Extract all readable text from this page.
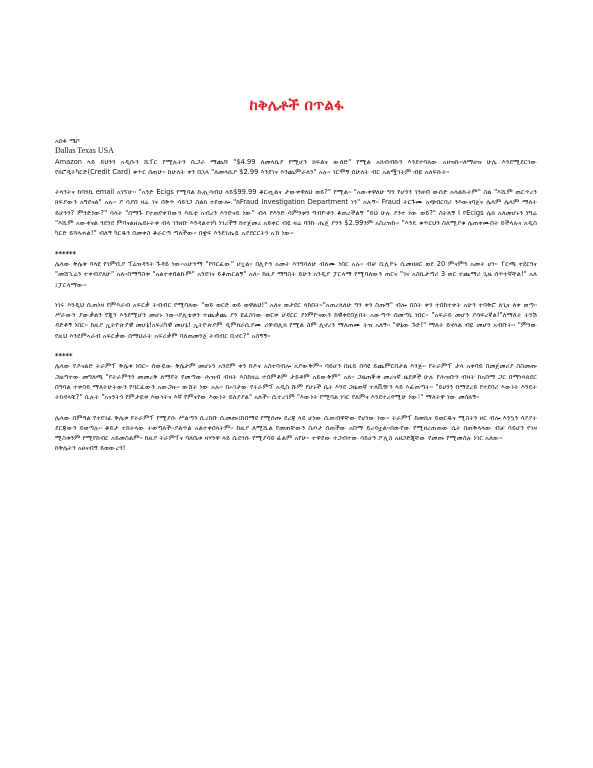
ከቅሌቶች በጥልፋ

አሰፋ ሜቦ

Dallas Texas USA

Amazon ላይ ይህንን አዲሱን ሺፐር የሚሉትን ሲጋራ ማጨሻ "$4.99 ለመላኪያ የሚሆን ክፍልና ውሰድ" የሚል አክብብኩን እንደተባለው አዘዝኩ።ለማዘዝ ሁሌ እንደሚደርገው የክሮዲትካርድ(Credit Card) ቁጥር ሰጠሁ። ከሁለት ቀን በኋላ "ለመላኪያ $2.99 እንደገና እንጨምራለን" አሉ። ገርሞኝ ሰሁለት ብር አልሟገትም ብዬ አለፍኩት።

ትላንትና ከባንኬ email አገኘሁ። "አንድ Ecigs የሚባል ኩሒሳብህ ላይ$99.99 ቆርጧልና ታውቀዋለህ ወይ?" የሚል። "አውቀዋለሁ ግን የሆንን ገንዘብ ውሰድ አላልኩትም" ስል "እሺም ጠርጥረን ክፍያውን አግደናል" አሉ። ያ ሳያበ ዛሬ ገና በቅጥ ሳይገጋ ስልክ ተደውሎ "ከFraud Investigation Department ነን" አሉኝ። Fraud ትርጉሙ አጭበርባሪ ንእውናባጀና ሌላም ሌላም ማለት ይሆንን? ምንድነው?" ሳላት "በማጉ የተጠየቀኸውን እኪቲ አብረን እንድናይ ነው" ብላ የእንድ ሳምንቱን ግብዮቶን ቆጠረችልኝ "ይህ ሁሉ ያንተ ነው ወይ?" ስትለኝ I የEcigs ሌክ አለመሆኑን ነግሬ "እሺም አውቀናል ጎደንደ ምባናልዘኤይኑትቱ ብላ ገንዘቡ እንዳልተነካ ነገረችኝ ከተጀመረ አይቀር ብዬ ዛሬ ባንኩ ሔጄ ያንን $2.99ንም አስረዝኩ። "እንዴ ቁጥርህን ስለሚያቁ ሌጠቀሙበት ይችላሉና አዲስ ካርድ ይሻላሐል!" ብለኝ ካርዱን በመቀስ ቆራርጣ ጣለችው። በቋፍ እንደገሔዷ አያደርርትን አኸ ነው።

******

ሌላው ቅሌቱ ባላዩ የገምቢያ ፕሬዝዳንት ጉዳይ ነው።አሁንማ "የባርፈው" ሆኗል። በሊዮን አመት እንግሳለሁ ብለሙ ነበር አሉ። ብቻ ቢሊዮኑ ሲመዘዘር ወደ 20 ምናምን አመት ሆነ። ፐርጫ ተደርጎና "መሸኂሬን ተቀብያለሁ" አለ።በማግስቱ "አልተቀበልኩም" አንደገና ይቆጠርልኝ" አለ። ከዚያ ማግስት ይሁን አንዲያ ፓርላማ የሚባለውን ጠርና "ገና አስኪታጣሪ 3 ወር ተጨማሪ ጊዜ ሰጥተኛቸል!" አለ ፤ፓርላማው።

ነገሩ እንዲህ ሲጠነዛ የምእራብ አፍርቃ ትብብር የሚባለው "ወይ ወርድ ወይ ወዋልህ!" አለና ወታደር ላከበት።"አጠረላለሁ ግን ቀን ስጡኝ" ብሎ በስት ቀን ተበከተቀት አሁን ተባቅሮ ለጊና ለቀ ወጣ። ሥራውን ያውቃልን የጂን እንደሚሆን መሆኑ ነው።ያሊቴቱን ተጨቃጨ ያን ዩፈስገው ወርቱ ሆዳርር ያነምዮናውን ከዊቀደበጀበት አውጣጥ ሰመጣኒ ነበር። "አፍራይ መሆን ያሳፍረኛል!"ለማለት ትንሽ ዳድቶኝ ነበር። ከዚያ ኢትዮጵያዊ መሆኔ!አፍሪካዊ መሆኔ! ኢትዮጵያም ዲምክራሲያሙ ሪዋብሊክ የሚል ስም ሊኖረን ማለጠሙ ትዝ አለኝ። "ዋኔው ጉድ!" ማለት ይኖላል ብዬ መሆን አብቡት። "ምንው የዚህ እንደምኣራብ አፍርቃው በማህራት አፍሪቃም ባለጠመንጀ ትብብር ቢኖር?" አሰኝኝ።

*****

ሌላው የዶናልድ ትራምፕ ቅሌቱ ነበር። ሰውዬው ቅሌታም መሆኑን አንደም ቀን ከዶና አስተባብሎ አያውቅም። ባይሆን በዚይ በሳዩ ይጨምርበታል እንጅ። የትራምፕ ታላ አቀባይ በመጀመሪያ ስስመጡ ጋዜጣተው መግለጫ "የትራምንን መመረቅ ለማየት የመጣው ሕዝብ ብዛት እስከዛሬ ተሰምቶም ታይቶም አይውቅም" አለ። ጋዜጠኞቱ መረናኛ ዜደዎች ሁሉ የሕዝቡን ብዛት ከአበማ ጋር በማነጻጸደር በዓባል ተቀባይ ማለትሁትውን የባርፈውን አውጋዙ። ውሸት ነው አሉ። በኦገታው የትራምፕ አዲስ ሹም የሆኑች ሴት እንደ ጋዜጠኛ ተለቪዥን ላይ እፈጠጣት። "ይሀንን በማደረይ የተደባሪ እውነት እንዴት ትክዳላቹ?" ሲሉት "አናንትጎ የምታዬቱ እውነትና እኛ የምናየው እውነት ይለያያል" አለች። ሲተረገም "እውነት የሚባል ነገር የለምና እንደተረዳሚሁ ነው፣" ማለትዋ ነው መሰለኝ።

ሌላው በምዓል የተደገፈ ቅሌቱ የትራምፕ የሚያሱ ሥልጣን ሲረከቡ ሲመጡ፤ከበማዩ የሚሰጡ ደረጃ ላይ ሆነው ሲጠብዋቸው የሆነው ነው። ትራምፕ ከመኪና ይወርዱና ሚስትን ዞር ብሎ እንኳን ሳያያት ደርጃውን ይወጣሉ። ቆይታ ተከትላው ትወጣለች።ያልጥል አልተቀበላትም። ከዚያ ለሚሺል የመጠቸውን ስጦታ ሰጠችው አበማ ይረዳቷል።ሰውየው የሚዘረጠጠው ሴት በጠቅላላው ብቻ ሳይሆን የገዛ ሚስቱንም የሚየከብር አይመስልም። ከዚያ ትራምፕና ባለቤቱ ዛሃንዋ ላይ ሲደንሱ የሚያሳይ ፊልም አየሁ። ተዋደው ተጋብተው ሳይሆን ፖሊስ አዘጋድጂቸው የመጡ የሚመስሉ ነገር አለው።

ከቅሌትን አፀናብኝ ይወውረን!
